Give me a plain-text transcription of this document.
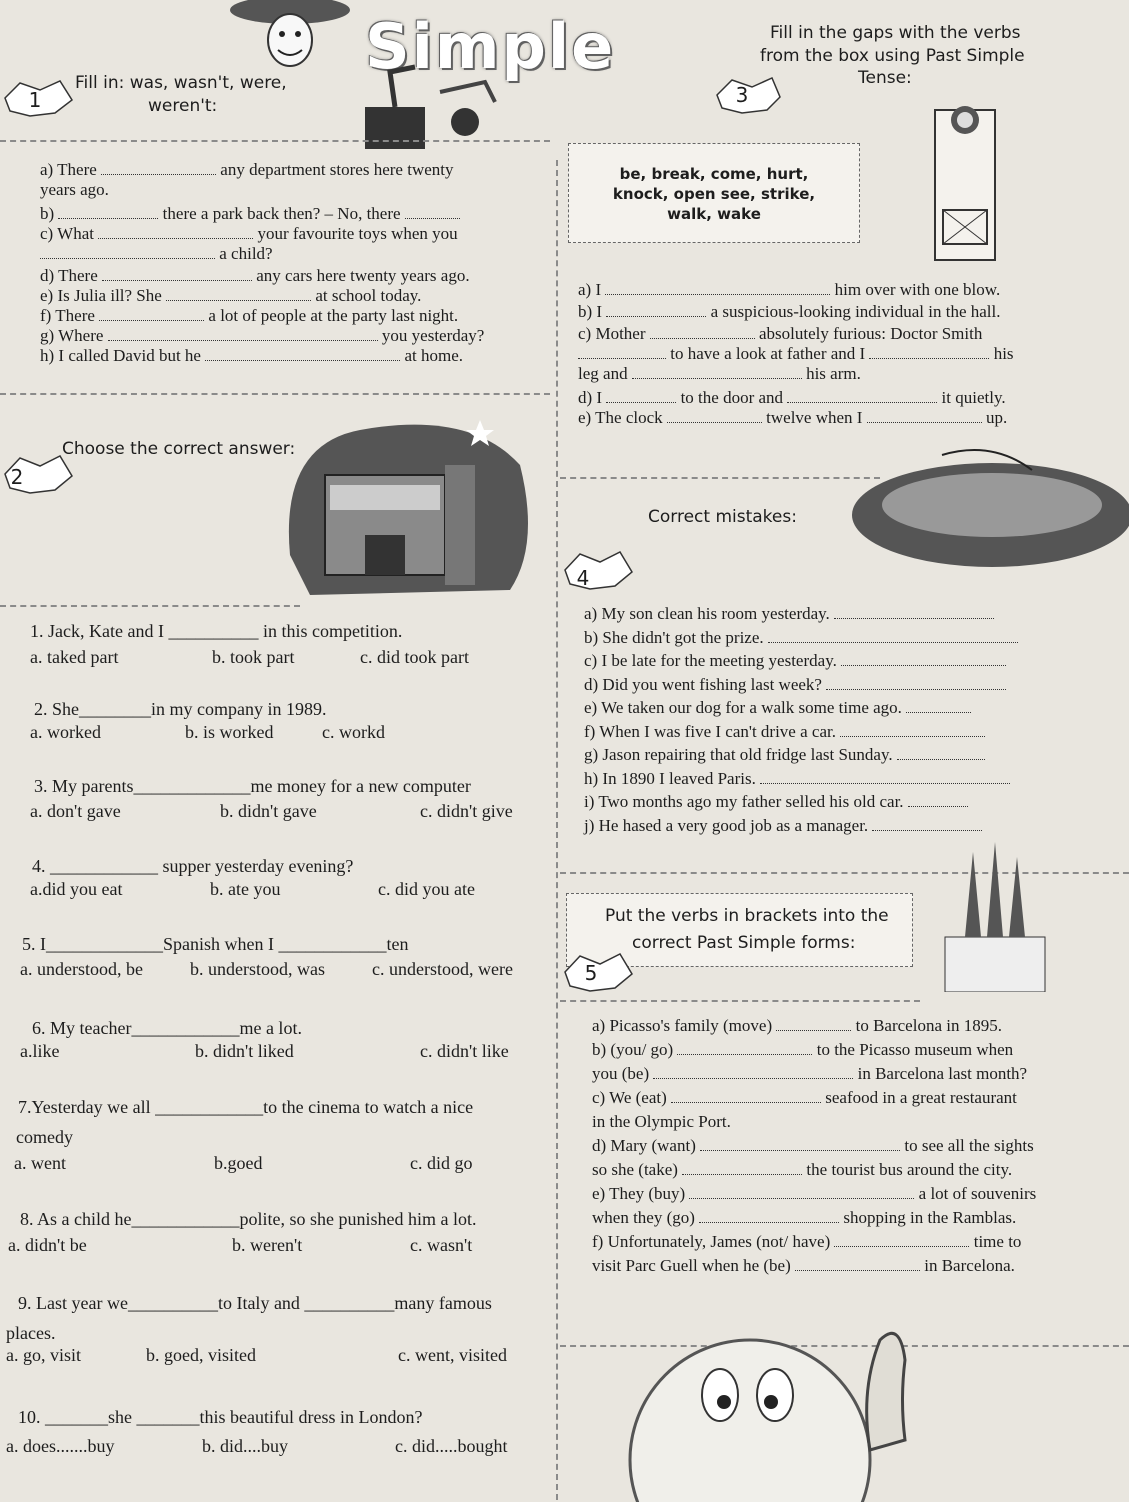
Simple
1
Fill in: was, wasn't, were,
weren't:
a) There	any department stores here twenty
years ago.
b)	there a park back then? – No, there
c) What	your favourite toys when you
a child?
d) There	any cars here twenty years ago.
e) Is Julia ill? She	at school today.
f) There	a lot of people at the party last night.
g) Where	you yesterday?
h) I called David but he	at home.
Fill in the gaps with the verbs
from the box using Past Simple
Tense:
3
be, break, come, hurt,
knock, open see, strike,
walk, wake
a) I	him over with one blow.
b) I	a suspicious-looking individual in the hall.
c) Mother	absolutely furious: Doctor Smith
to have a look at father and I	his
leg and	his arm.
d) I	to the door and	it quietly.
e) The clock	twelve when I	up.
2
Choose the correct answer:
1. Jack, Kate and I __________ in this competition.
a. taked part	b. took part	c. did took part
2. She________in my company in 1989.
a. worked	b. is worked	c. workd
3. My parents_____________me money for a new computer
a. don't gave	b. didn't gave	c. didn't give
4. ____________ supper yesterday evening?
a.did you eat	b. ate you	c. did you ate
5. I_____________Spanish when I ____________ten
a. understood, be	b. understood, was	c. understood, were
6. My teacher____________me a lot.
a.like	b. didn't liked	c. didn't like
7.Yesterday we all ____________to the cinema to watch a nice
comedy
a. went	b.goed	c. did go
8. As a child he____________polite, so she punished him a lot.
a. didn't be	b. weren't	c. wasn't
9. Last year we__________to Italy and __________many famous
places.
a. go, visit	b. goed, visited	c. went, visited
10. _______she _______this beautiful dress in London?
a. does.......buy	b. did....buy	c. did.....bought
Correct mistakes:
4
a) My son clean his room yesterday.
b) She didn't got the prize.
c) I be late for the meeting yesterday.
d) Did you went fishing last week?
e) We taken our dog for a walk some time ago.
f) When I was five I can't drive a car.
g) Jason repairing that old fridge last Sunday.
h) In 1890 I leaved Paris.
i) Two months ago my father selled his old car.
j) He hased a very good job as a manager.
Put the verbs in brackets into the
correct Past Simple forms:
5
a) Picasso's family (move)	to Barcelona in 1895.
b) (you/ go)	to the Picasso museum when
you (be)	in Barcelona last month?
c) We (eat)	seafood in a great restaurant
in the Olympic Port.
d) Mary (want)	to see all the sights
so she (take)	the tourist bus around the city.
e) They (buy)	a lot of souvenirs
when they (go)	shopping in the Ramblas.
f) Unfortunately, James (not/ have)	time to
visit Parc Guell when he (be)	in Barcelona.
